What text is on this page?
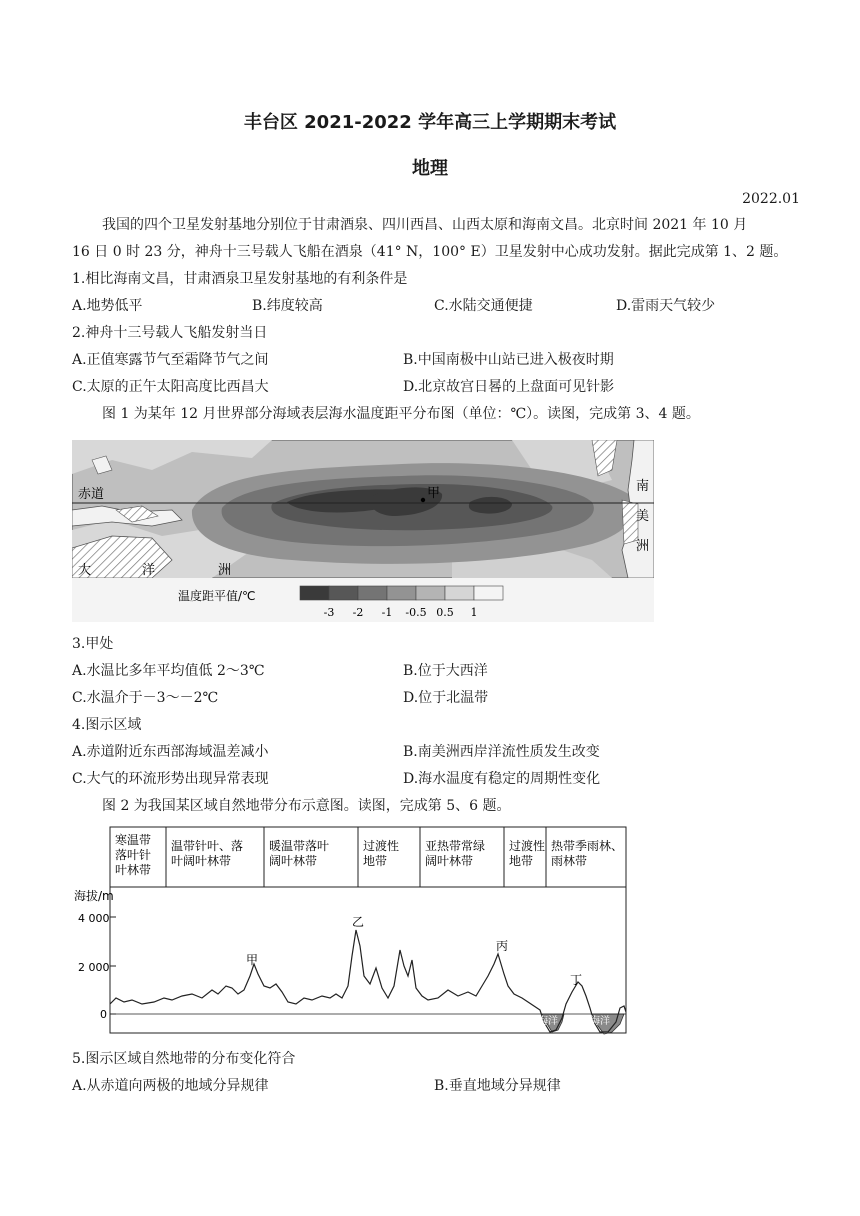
丰台区 2021-2022 学年高三上学期期末考试
地理
2022.01
我国的四个卫星发射基地分别位于甘肃酒泉、四川西昌、山西太原和海南文昌。北京时间 2021 年 10 月
16 日 0 时 23 分，神舟十三号载人飞船在酒泉（41° N，100° E）卫星发射中心成功发射。据此完成第 1、2 题。
1.相比海南文昌，甘肃酒泉卫星发射基地的有利条件是
A.地势低平	B.纬度较高	C.水陆交通便捷	D.雷雨天气较少
2.神舟十三号载人飞船发射当日
A.正值寒露节气至霜降节气之间	B.中国南极中山站已进入极夜时期
C.太原的正午太阳高度比西昌大	D.北京故宫日晷的上盘面可见针影
图 1 为某年 12 月世界部分海域表层海水温度距平分布图（单位：℃）。读图，完成第 3、4 题。
甲
赤道
南
美
洲
大	洋	洲
温度距平值/℃
-3 -2 -1 -0.5 0.5 1
3.甲处
A.水温比多年平均值低 2～3℃	B.位于大西洋
C.水温介于－3～－2℃	D.位于北温带
4.图示区域
A.赤道附近东西部海域温差减小	B.南美洲西岸洋流性质发生改变
C.大气的环流形势出现异常表现	D.海水温度有稳定的周期性变化
图 2 为我国某区域自然地带分布示意图。读图，完成第 5、6 题。
寒温带落叶针叶林带
温带针叶、落叶阔叶林带
暖温带落叶阔叶林带
过渡性地带
亚热带常绿阔叶林带
过渡性地带
热带季雨林、雨林带
海拔/m
4 000
2 000
0
甲
乙
丙
丁
海洋	海洋
5.图示区域自然地带的分布变化符合
A.从赤道向两极的地域分异规律	B.垂直地域分异规律
